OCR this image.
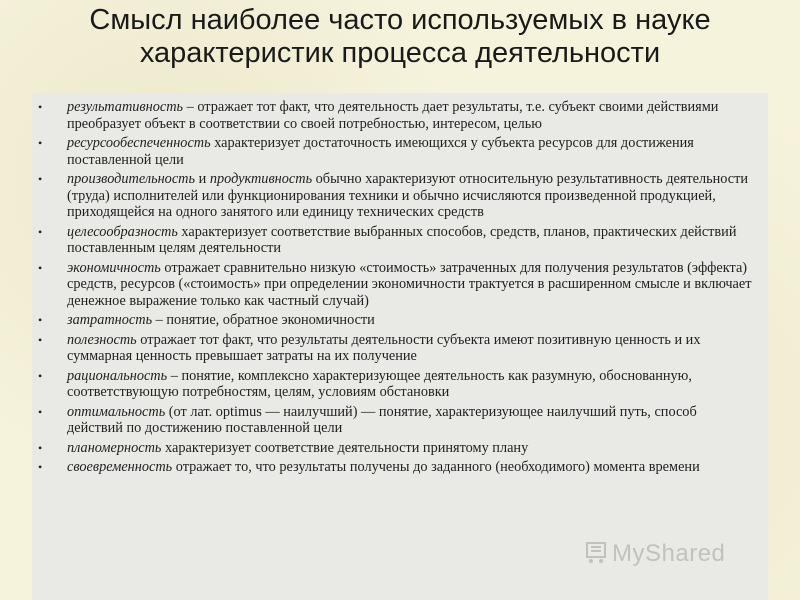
Смысл наиболее часто используемых в науке
характеристик процесса деятельности
• результативность – отражает тот факт, что деятельность дает результаты, т.е. субъект своими действиями преобразует объект в соответствии со своей потребностью, интересом, целью
• ресурсообеспеченность характеризует достаточность имеющихся у субъекта ресурсов для достижения поставленной цели
• производительность и продуктивность обычно характеризуют относительную результативность деятельности (труда) исполнителей или функционирования техники и обычно исчисляются произведенной продукцией, приходящейся на одного занятого или единицу технических средств
• целесообразность характеризует соответствие выбранных способов, средств, планов, практических действий поставленным целям деятельности
• экономичность отражает сравнительно низкую «стоимость» затраченных для получения результатов (эффекта) средств, ресурсов («стоимость» при определении экономичности трактуется в расширенном смысле и включает денежное выражение только как частный случай)
• затратность – понятие, обратное экономичности
• полезность отражает тот факт, что результаты деятельности субъекта имеют позитивную ценность и их суммарная ценность превышает затраты на их получение
• рациональность – понятие, комплексно характеризующее деятельность как разумную, обоснованную, соответствующую потребностям, целям, условиям обстановки
• оптимальность (от лат. optimus — наилучший) — понятие, характеризующее наилучший путь, способ действий по достижению поставленной цели
• планомерность характеризует соответствие деятельности принятому плану
• своевременность отражает то, что результаты получены до заданного (необходимого) момента времени
MyShared
